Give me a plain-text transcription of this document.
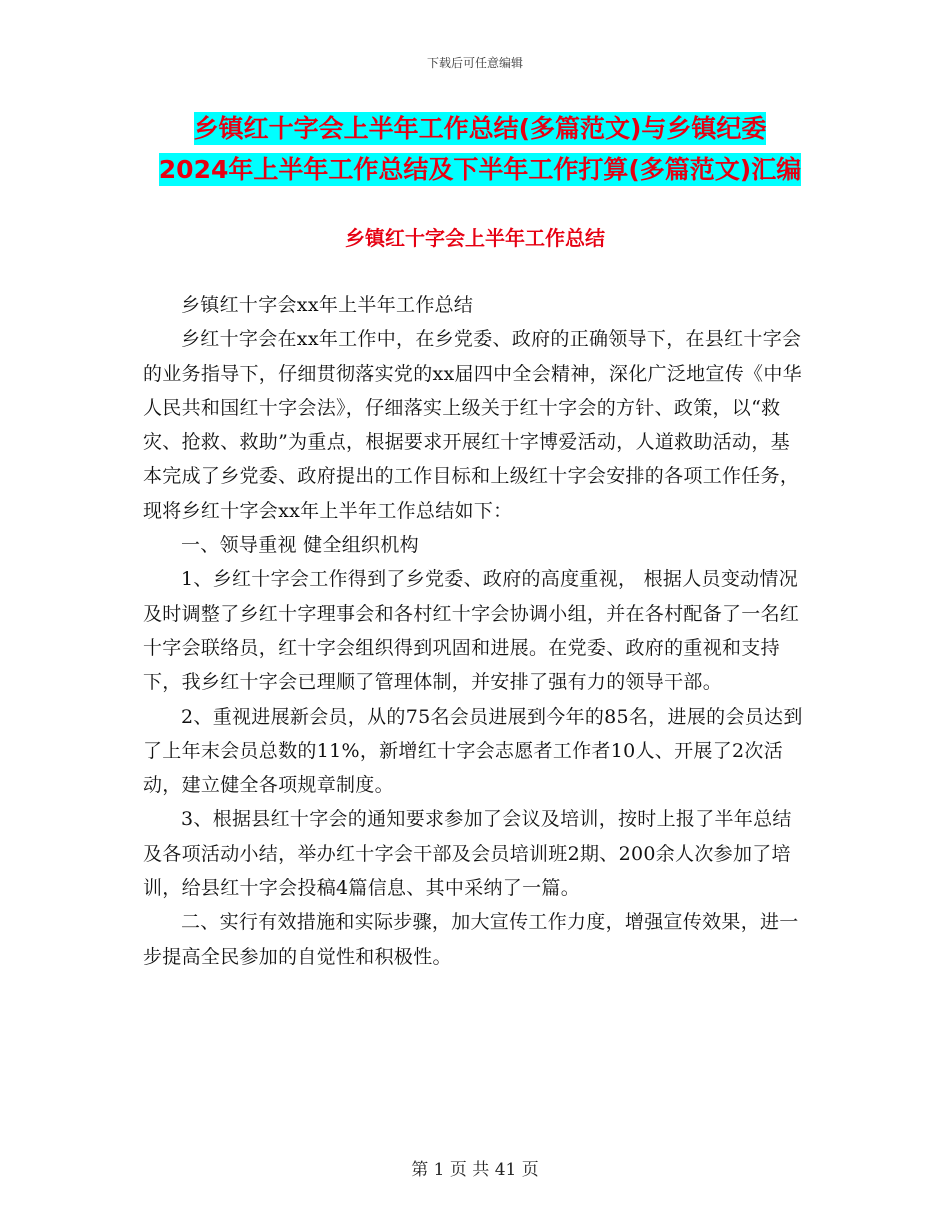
下载后可任意编辑
乡镇红十字会上半年工作总结(多篇范文)与乡镇纪委
2024年上半年工作总结及下半年工作打算(多篇范文)汇编
乡镇红十字会上半年工作总结

乡镇红十字会xx年上半年工作总结

乡红十字会在xx年工作中，在乡党委、政府的正确领导下，在县红十字会的业务指导下，仔细贯彻落实党的xx届四中全会精神，深化广泛地宣传《中华人民共和国红十字会法》，仔细落实上级关于红十字会的方针、政策，以“救灾、抢救、救助”为重点，根据要求开展红十字博爱活动，人道救助活动，基本完成了乡党委、政府提出的工作目标和上级红十字会安排的各项工作任务，现将乡红十字会xx年上半年工作总结如下：

一、领导重视 健全组织机构

1、乡红十字会工作得到了乡党委、政府的高度重视， 根据人员变动情况及时调整了乡红十字理事会和各村红十字会协调小组，并在各村配备了一名红十字会联络员，红十字会组织得到巩固和进展。在党委、政府的重视和支持下，我乡红十字会已理顺了管理体制，并安排了强有力的领导干部。

2、重视进展新会员，从的75名会员进展到今年的85名，进展的会员达到了上年末会员总数的11%，新增红十字会志愿者工作者10人、开展了2次活动，建立健全各项规章制度。

3、根据县红十字会的通知要求参加了会议及培训，按时上报了半年总结及各项活动小结，举办红十字会干部及会员培训班2期、200余人次参加了培训，给县红十字会投稿4篇信息、其中采纳了一篇。

二、实行有效措施和实际步骤，加大宣传工作力度，增强宣传效果，进一步提高全民参加的自觉性和积极性。

第 1 页 共 41 页
